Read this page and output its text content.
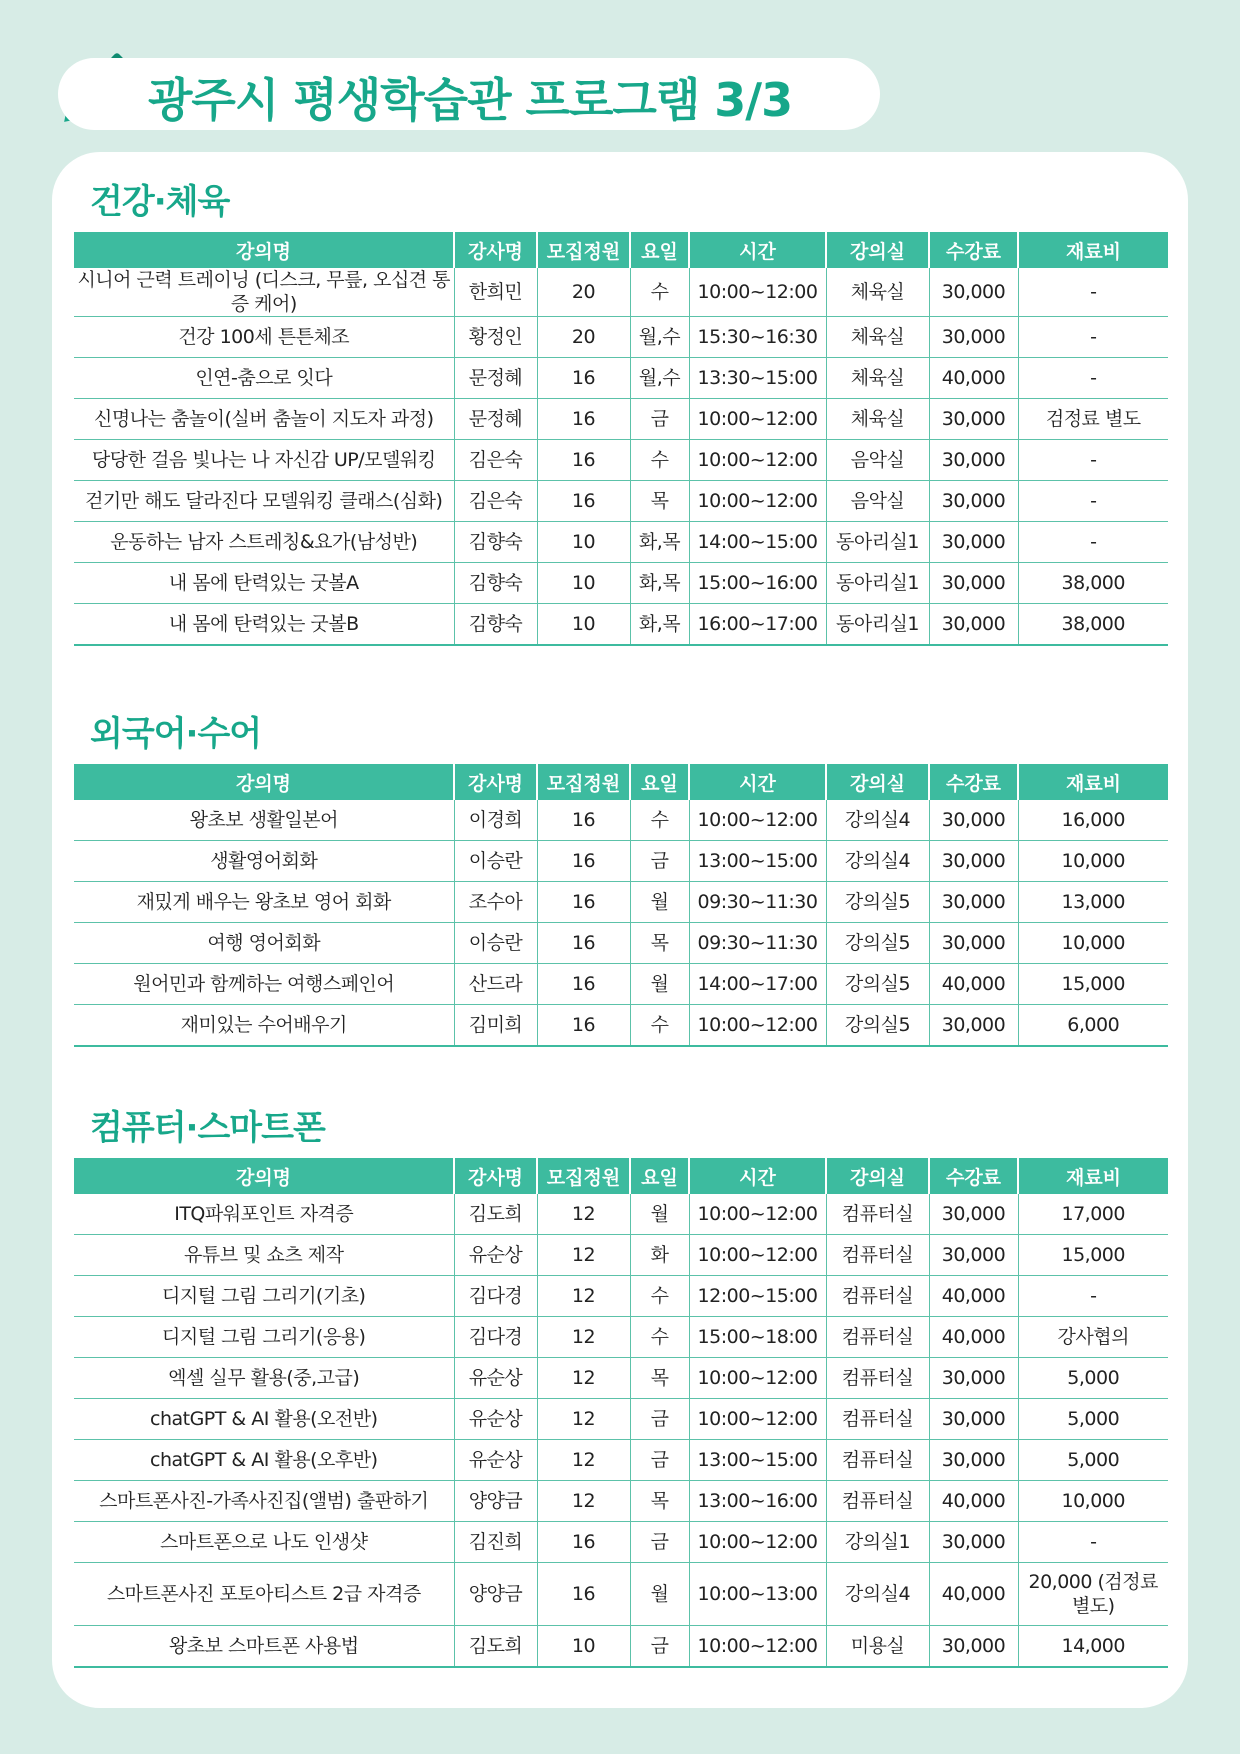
광주시 평생학습관 프로그램 3/3
건강·체육
강의명	강사명	모집정원	요일	시간	강의실	수강료	재료비
시니어 근력 트레이닝 (디스크, 무릎, 오십견 통증 케어)	한희민	20	수	10:00~12:00	체육실	30,000	-
건강 100세 튼튼체조	황정인	20	월,수	15:30~16:30	체육실	30,000	-
인연-춤으로 잇다	문정혜	16	월,수	13:30~15:00	체육실	40,000	-
신명나는 춤놀이(실버 춤놀이 지도자 과정)	문정혜	16	금	10:00~12:00	체육실	30,000	검정료 별도
당당한 걸음 빛나는 나 자신감 UP/모델워킹	김은숙	16	수	10:00~12:00	음악실	30,000	-
걷기만 해도 달라진다 모델워킹 클래스(심화)	김은숙	16	목	10:00~12:00	음악실	30,000	-
운동하는 남자 스트레칭&요가(남성반)	김향숙	10	화,목	14:00~15:00	동아리실1	30,000	-
내 몸에 탄력있는 굿볼A	김향숙	10	화,목	15:00~16:00	동아리실1	30,000	38,000
내 몸에 탄력있는 굿볼B	김향숙	10	화,목	16:00~17:00	동아리실1	30,000	38,000
외국어·수어
강의명	강사명	모집정원	요일	시간	강의실	수강료	재료비
왕초보 생활일본어	이경희	16	수	10:00~12:00	강의실4	30,000	16,000
생활영어회화	이승란	16	금	13:00~15:00	강의실4	30,000	10,000
재밌게 배우는 왕초보 영어 회화	조수아	16	월	09:30~11:30	강의실5	30,000	13,000
여행 영어회화	이승란	16	목	09:30~11:30	강의실5	30,000	10,000
원어민과 함께하는 여행스페인어	산드라	16	월	14:00~17:00	강의실5	40,000	15,000
재미있는 수어배우기	김미희	16	수	10:00~12:00	강의실5	30,000	6,000
컴퓨터·스마트폰
강의명	강사명	모집정원	요일	시간	강의실	수강료	재료비
ITQ파워포인트 자격증	김도희	12	월	10:00~12:00	컴퓨터실	30,000	17,000
유튜브 및 쇼츠 제작	유순상	12	화	10:00~12:00	컴퓨터실	30,000	15,000
디지털 그림 그리기(기초)	김다경	12	수	12:00~15:00	컴퓨터실	40,000	-
디지털 그림 그리기(응용)	김다경	12	수	15:00~18:00	컴퓨터실	40,000	강사협의
엑셀 실무 활용(중,고급)	유순상	12	목	10:00~12:00	컴퓨터실	30,000	5,000
chatGPT & AI 활용(오전반)	유순상	12	금	10:00~12:00	컴퓨터실	30,000	5,000
chatGPT & AI 활용(오후반)	유순상	12	금	13:00~15:00	컴퓨터실	30,000	5,000
스마트폰사진-가족사진집(앨범) 출판하기	양양금	12	목	13:00~16:00	컴퓨터실	40,000	10,000
스마트폰으로 나도 인생샷	김진희	16	금	10:00~12:00	강의실1	30,000	-
스마트폰사진 포토아티스트 2급 자격증	양양금	16	월	10:00~13:00	강의실4	40,000	20,000 (검정료 별도)
왕초보 스마트폰 사용법	김도희	10	금	10:00~12:00	미용실	30,000	14,000
